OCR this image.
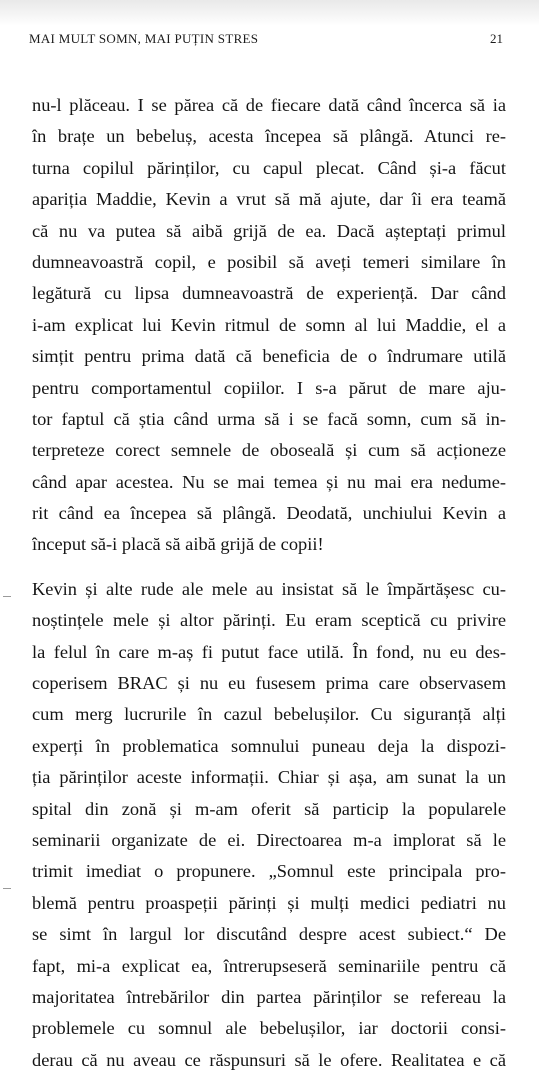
MAI MULT SOMN, MAI PUȚIN STRES	21
nu-l plăceau. I se părea că de fiecare dată când încerca să ia
în brațe un bebeluș, acesta începea să plângă. Atunci re-
turna copilul părinților, cu capul plecat. Când și-a făcut
apariția Maddie, Kevin a vrut să mă ajute, dar îi era teamă
că nu va putea să aibă grijă de ea. Dacă așteptați primul
dumneavoastră copil, e posibil să aveți temeri similare în
legătură cu lipsa dumneavoastră de experiență. Dar când
i-am explicat lui Kevin ritmul de somn al lui Maddie, el a
simțit pentru prima dată că beneficia de o îndrumare utilă
pentru comportamentul copiilor. I s-a părut de mare aju-
tor faptul că știa când urma să i se facă somn, cum să in-
terpreteze corect semnele de oboseală și cum să acționeze
când apar acestea. Nu se mai temea și nu mai era nedume-
rit când ea începea să plângă. Deodată, unchiului Kevin a
început să-i placă să aibă grijă de copii!
Kevin și alte rude ale mele au insistat să le împărtășesc cu-
noștințele mele și altor părinți. Eu eram sceptică cu privire
la felul în care m-aș fi putut face utilă. În fond, nu eu des-
coperisem BRAC și nu eu fusesem prima care observasem
cum merg lucrurile în cazul bebelușilor. Cu siguranță alți
experți în problematica somnului puneau deja la dispozi-
ția părinților aceste informații. Chiar și așa, am sunat la un
spital din zonă și m-am oferit să particip la popularele
seminarii organizate de ei. Directoarea m-a implorat să le
trimit imediat o propunere. „Somnul este principala pro-
blemă pentru proaspeții părinți și mulți medici pediatri nu
se simt în largul lor discutând despre acest subiect.“ De
fapt, mi-a explicat ea, întrerupseseră seminariile pentru că
majoritatea întrebărilor din partea părinților se refereau la
problemele cu somnul ale bebelușilor, iar doctorii consi-
derau că nu aveau ce răspunsuri să le ofere. Realitatea e că
